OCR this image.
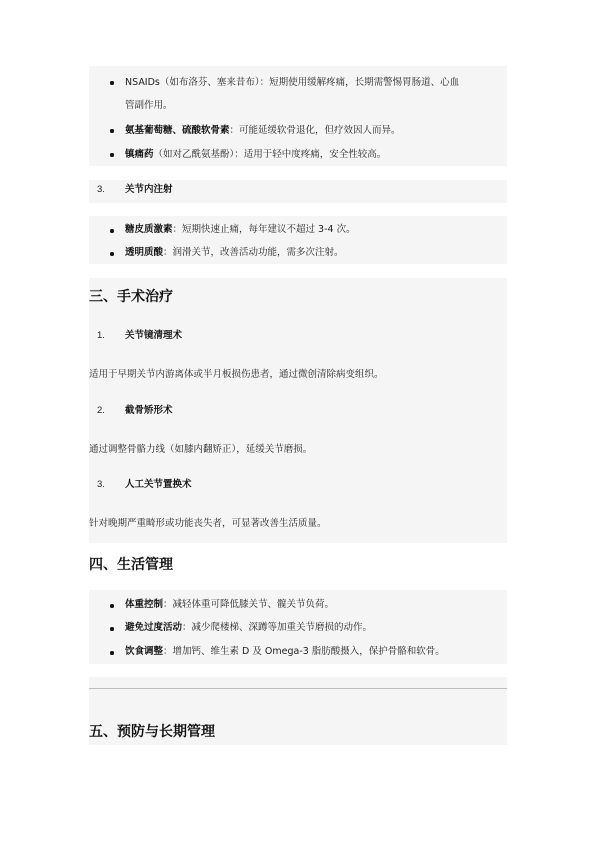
NSAIDs（如布洛芬、塞来昔布）：短期使用缓解疼痛，长期需警惕胃肠道、心血
管副作用。
氨基葡萄糖、硫酸软骨素：可能延缓软骨退化，但疗效因人而异。
镇痛药（如对乙酰氨基酚）：适用于轻中度疼痛，安全性较高。
3. 关节内注射
糖皮质激素：短期快速止痛，每年建议不超过 3-4 次。
透明质酸：润滑关节，改善活动功能，需多次注射。
三、手术治疗
1. 关节镜清理术
适用于早期关节内游离体或半月板损伤患者，通过微创清除病变组织。
2. 截骨矫形术
通过调整骨骼力线（如膝内翻矫正），延缓关节磨损。
3. 人工关节置换术
针对晚期严重畸形或功能丧失者，可显著改善生活质量。
四、生活管理
体重控制：减轻体重可降低膝关节、髋关节负荷。
避免过度活动：减少爬楼梯、深蹲等加重关节磨损的动作。
饮食调整：增加钙、维生素 D 及 Omega-3 脂肪酸摄入，保护骨骼和软骨。
五、预防与长期管理
